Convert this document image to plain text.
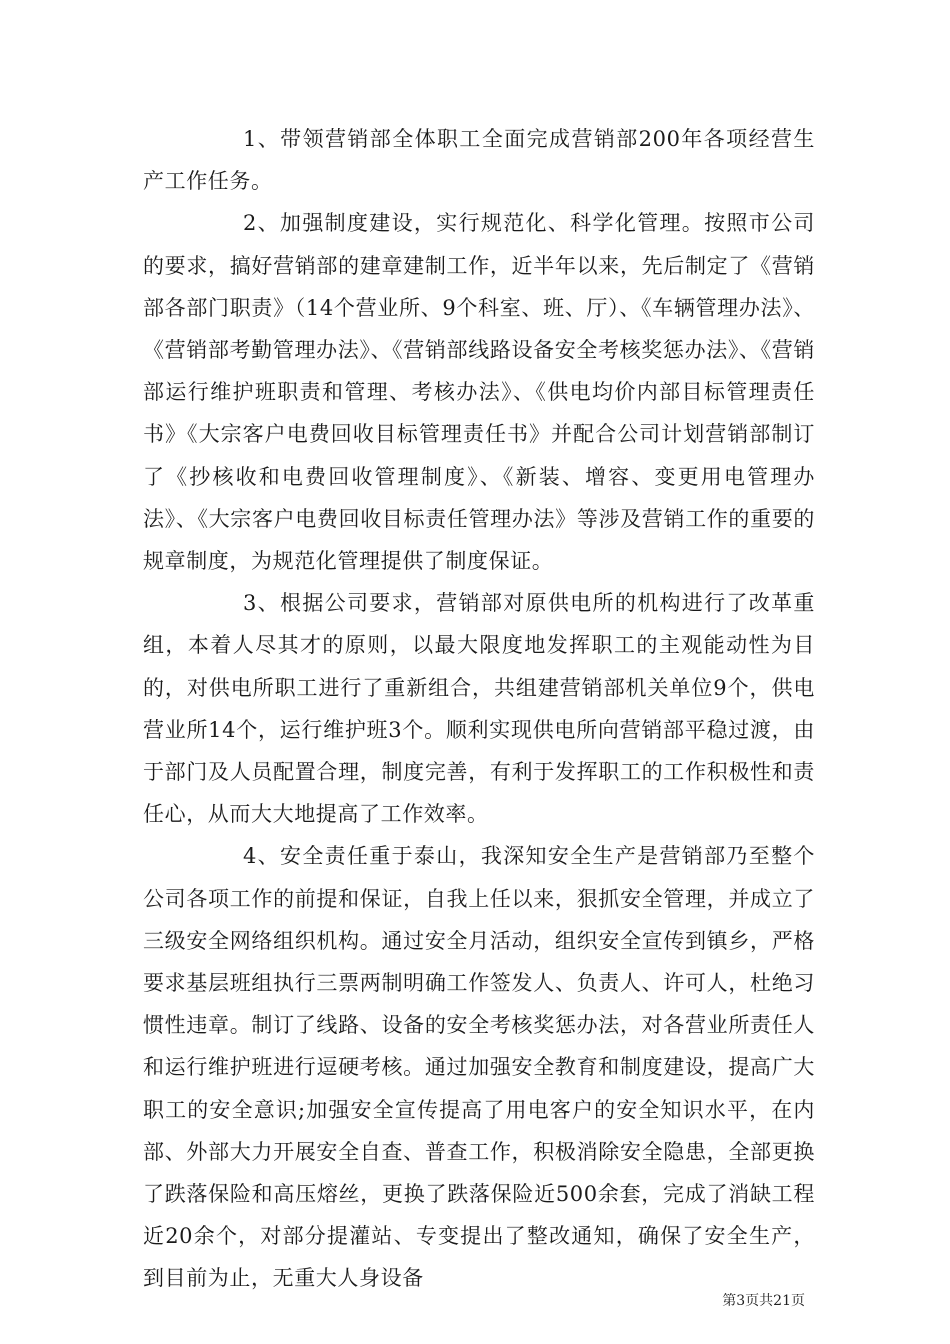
1、带领营销部全体职工全面完成营销部200年各项经营生产工作任务。

2、加强制度建设，实行规范化、科学化管理。按照市公司的要求，搞好营销部的建章建制工作，近半年以来，先后制定了《营销部各部门职责》（14个营业所、9个科室、班、厅）、《车辆管理办法》、《营销部考勤管理办法》、《营销部线路设备安全考核奖惩办法》、《营销部运行维护班职责和管理、考核办法》、《供电均价内部目标管理责任书》《大宗客户电费回收目标管理责任书》并配合公司计划营销部制订了《抄核收和电费回收管理制度》、《新装、增容、变更用电管理办法》、《大宗客户电费回收目标责任管理办法》等涉及营销工作的重要的规章制度，为规范化管理提供了制度保证。

3、根据公司要求，营销部对原供电所的机构进行了改革重组，本着人尽其才的原则，以最大限度地发挥职工的主观能动性为目的，对供电所职工进行了重新组合，共组建营销部机关单位9个，供电营业所14个，运行维护班3个。顺利实现供电所向营销部平稳过渡，由于部门及人员配置合理，制度完善，有利于发挥职工的工作积极性和责任心，从而大大地提高了工作效率。

4、安全责任重于泰山，我深知安全生产是营销部乃至整个公司各项工作的前提和保证，自我上任以来，狠抓安全管理，并成立了三级安全网络组织机构。通过安全月活动，组织安全宣传到镇乡，严格要求基层班组执行三票两制明确工作签发人、负责人、许可人，杜绝习惯性违章。制订了线路、设备的安全考核奖惩办法，对各营业所责任人和运行维护班进行逗硬考核。通过加强安全教育和制度建设，提高广大职工的安全意识;加强安全宣传提高了用电客户的安全知识水平，在内部、外部大力开展安全自查、普查工作，积极消除安全隐患，全部更换了跌落保险和高压熔丝，更换了跌落保险近500余套，完成了消缺工程近20余个，对部分提灌站、专变提出了整改通知，确保了安全生产，到目前为止，无重大人身设备

第3页共21页
